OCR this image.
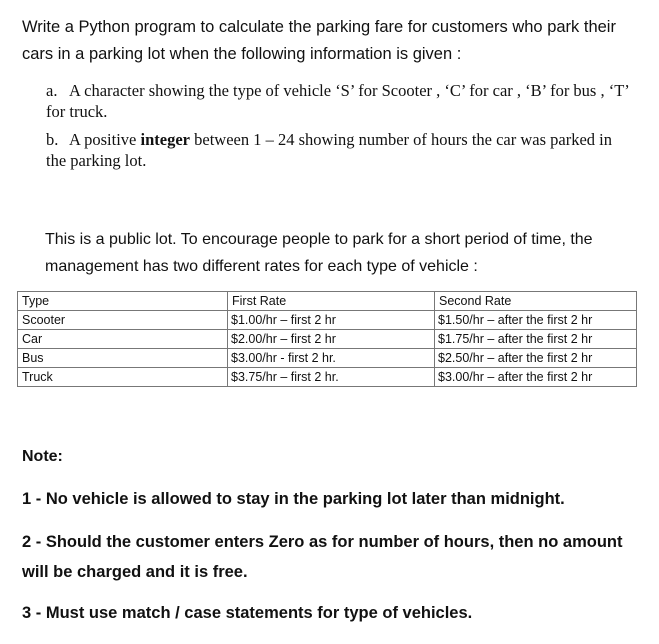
Write a Python program to calculate the parking fare for customers who park their cars in a parking lot when the following information is given :
a. A character showing the type of vehicle ‘S’ for Scooter , ‘C’ for car , ‘B’ for bus , ‘T’ for truck.
b. A positive integer between 1 – 24 showing number of hours the car was parked in the parking lot.
This is a public lot. To encourage people to park for a short period of time, the management has two different rates for each type of vehicle :
Type	First Rate	Second Rate
Scooter	$1.00/hr – first 2 hr	$1.50/hr – after the first 2 hr
Car	$2.00/hr – first 2 hr	$1.75/hr – after the first 2 hr
Bus	$3.00/hr - first 2 hr.	$2.50/hr – after the first 2 hr
Truck	$3.75/hr – first 2 hr.	$3.00/hr – after the first 2 hr
Note:
1 - No vehicle is allowed to stay in the parking lot later than midnight.
2 - Should the customer enters Zero as for number of hours, then no amount will be charged and it is free.
3 - Must use match / case statements for type of vehicles.
